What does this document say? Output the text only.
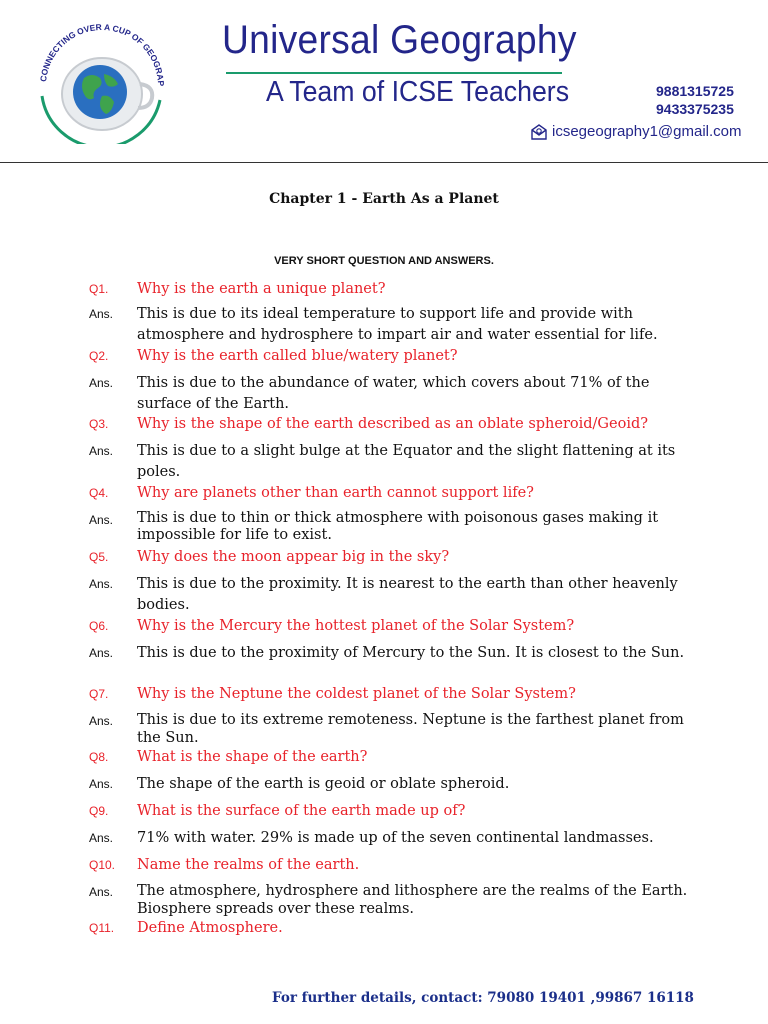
CONNECTING OVER A CUP OF GEOGRAP
Universal Geography
A Team of ICSE Teachers	9881315725
9433375235
icsegeography1@gmail.com
Chapter 1 - Earth As a Planet
VERY SHORT QUESTION AND ANSWERS.
Q1. Why is the earth a unique planet?
Ans. This is due to its ideal temperature to support life and provide with atmosphere and hydrosphere to impart air and water essential for life.
Q2. Why is the earth called blue/watery planet?
Ans. This is due to the abundance of water, which covers about 71% of the surface of the Earth.
Q3. Why is the shape of the earth described as an oblate spheroid/Geoid?
Ans. This is due to a slight bulge at the Equator and the slight flattening at its poles.
Q4. Why are planets other than earth cannot support life?
Ans. This is due to thin or thick atmosphere with poisonous gases making it impossible for life to exist.
Q5. Why does the moon appear big in the sky?
Ans. This is due to the proximity. It is nearest to the earth than other heavenly bodies.
Q6. Why is the Mercury the hottest planet of the Solar System?
Ans. This is due to the proximity of Mercury to the Sun. It is closest to the Sun.
Q7. Why is the Neptune the coldest planet of the Solar System?
Ans. This is due to its extreme remoteness. Neptune is the farthest planet from the Sun.
Q8. What is the shape of the earth?
Ans. The shape of the earth is geoid or oblate spheroid.
Q9. What is the surface of the earth made up of?
Ans. 71% with water. 29% is made up of the seven continental landmasses.
Q10. Name the realms of the earth.
Ans. The atmosphere, hydrosphere and lithosphere are the realms of the Earth. Biosphere spreads over these realms.
Q11. Define Atmosphere.
For further details, contact: 79080 19401 ,99867 16118
